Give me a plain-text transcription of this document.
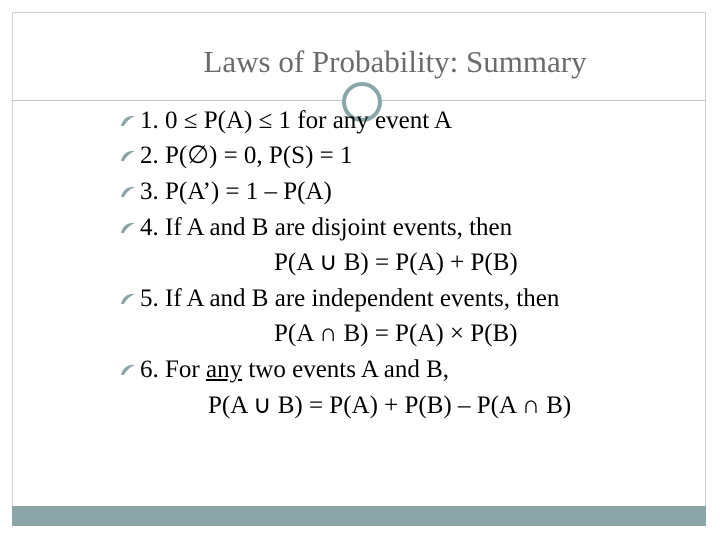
Laws of Probability: Summary
1. 0 ≤ P(A) ≤ 1 for any event A
2. P(∅) = 0, P(S) = 1
3. P(A’) = 1 – P(A)
4. If A and B are disjoint events, then
P(A ∪ B) = P(A) + P(B)
5. If A and B are independent events, then
P(A ∩ B) = P(A) × P(B)
6. For any two events A and B,
P(A ∪ B) = P(A) + P(B) – P(A ∩ B)
